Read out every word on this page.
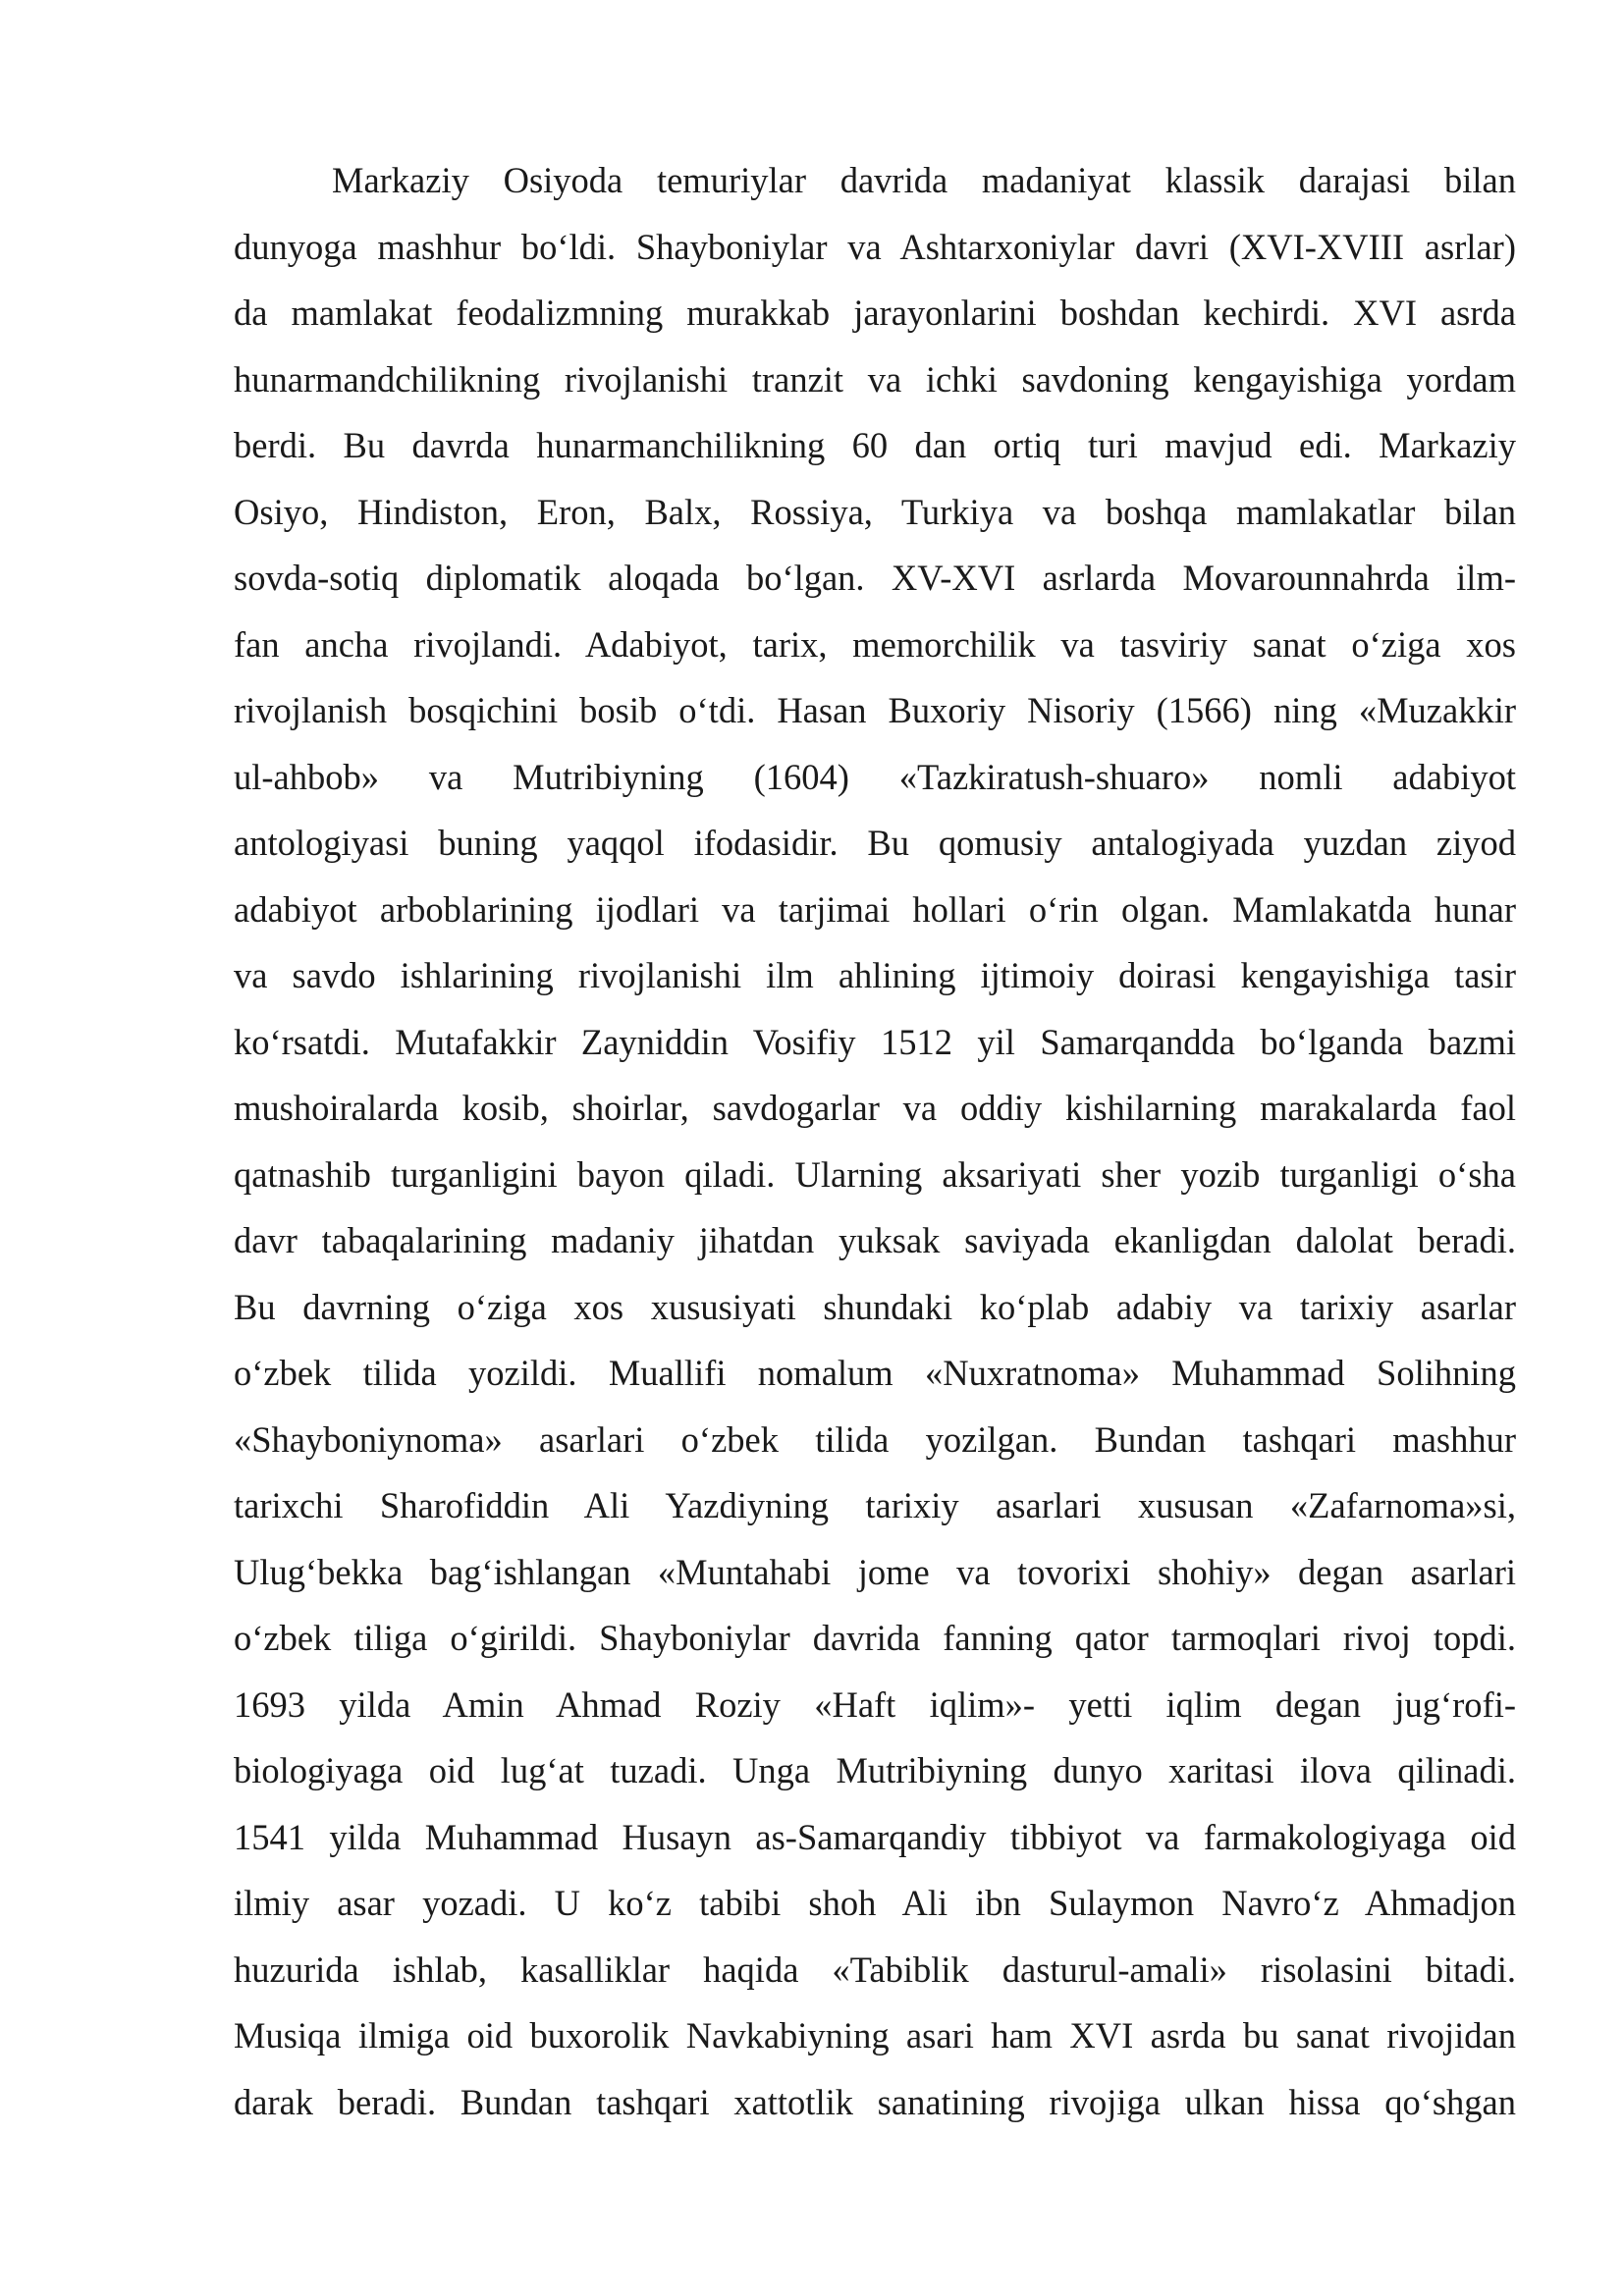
Markaziy Osiyoda temuriylar davrida madaniyat klassik darajasi bilan
dunyoga mashhur bo‘ldi. Shayboniylar va Ashtarxoniylar davri (XVI-XVIII asrlar)
da mamlakat feodalizmning murakkab jarayonlarini boshdan kechirdi. XVI asrda
hunarmandchilikning rivojlanishi tranzit va ichki savdoning kengayishiga yordam
berdi. Bu davrda hunarmanchilikning 60 dan ortiq turi mavjud edi. Markaziy
Osiyo, Hindiston, Eron, Balx, Rossiya, Turkiya va boshqa mamlakatlar bilan
sovda-sotiq diplomatik aloqada bo‘lgan. XV-XVI asrlarda Movarounnahrda ilm-
fan ancha rivojlandi. Adabiyot, tarix, memorchilik va tasviriy sanat o‘ziga xos
rivojlanish bosqichini bosib o‘tdi. Hasan Buxoriy Nisoriy (1566) ning «Muzakkir
ul-ahbob» va Mutribiyning (1604) «Tazkiratush-shuaro» nomli adabiyot
antologiyasi buning yaqqol ifodasidir. Bu qomusiy antalogiyada yuzdan ziyod
adabiyot arboblarining ijodlari va tarjimai hollari o‘rin olgan. Mamlakatda hunar
va savdo ishlarining rivojlanishi ilm ahlining ijtimoiy doirasi kengayishiga tasir
ko‘rsatdi. Mutafakkir Zayniddin Vosifiy 1512 yil Samarqandda bo‘lganda bazmi
mushoiralarda kosib, shoirlar, savdogarlar va oddiy kishilarning marakalarda faol
qatnashib turganligini bayon qiladi. Ularning aksariyati sher yozib turganligi o‘sha
davr tabaqalarining madaniy jihatdan yuksak saviyada ekanligdan dalolat beradi.
Bu davrning o‘ziga xos xususiyati shundaki ko‘plab adabiy va tarixiy asarlar
o‘zbek tilida yozildi. Muallifi nomalum «Nuxratnoma» Muhammad Solihning
«Shayboniynoma» asarlari o‘zbek tilida yozilgan. Bundan tashqari mashhur
tarixchi Sharofiddin Ali Yazdiyning tarixiy asarlari xususan «Zafarnoma»si,
Ulug‘bekka bag‘ishlangan «Muntahabi jome va tovorixi shohiy» degan asarlari
o‘zbek tiliga o‘girildi. Shayboniylar davrida fanning qator tarmoqlari rivoj topdi.
1693 yilda Amin Ahmad Roziy «Haft iqlim»- yetti iqlim degan jug‘rofi-
biologiyaga oid lug‘at tuzadi. Unga Mutribiyning dunyo xaritasi ilova qilinadi.
1541 yilda Muhammad Husayn as-Samarqandiy tibbiyot va farmakologiyaga oid
ilmiy asar yozadi. U ko‘z tabibi shoh Ali ibn Sulaymon Navro‘z Ahmadjon
huzurida ishlab, kasalliklar haqida «Tabiblik dasturul-amali» risolasini bitadi.
Musiqa ilmiga oid buxorolik Navkabiyning asari ham XVI asrda bu sanat rivojidan
darak beradi. Bundan tashqari xattotlik sanatining rivojiga ulkan hissa qo‘shgan
